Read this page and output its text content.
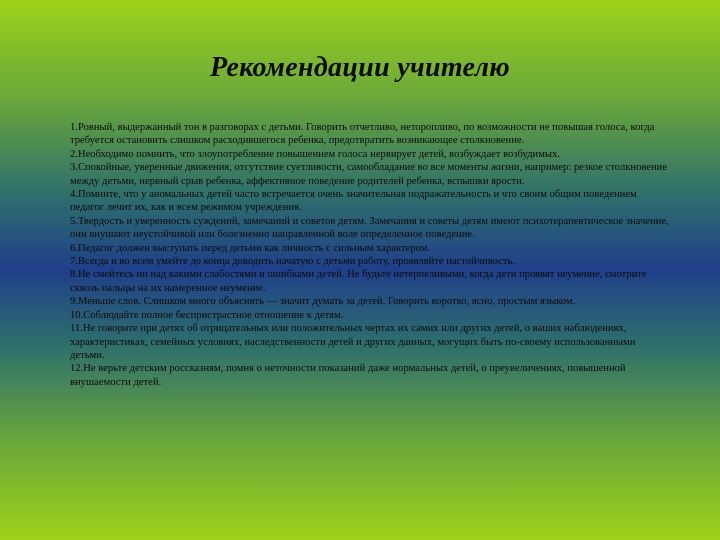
Рекомендации учителю

1.Ровный, выдержанный тон в разговорах с детьми. Говорить отчетливо, неторопливо, по возможности не повышая голоса, когда требуется остановить слишком расходившегося ребенка, предотвратить возникающее столкновение.

2.Необходимо помнить, что злоупотребление повышением голоса нервирует детей, возбуждает возбудимых.

3.Спокойные, уверенные движения, отсутствие суетливости, самообладание во все моменты жизни, например: резкое столкновение между детьми, нервный срыв ребенка, аффективное поведение родителей ребенка, вспышки ярости.

4.Помните, что у аномальных детей часто встречается очень значительная подражательность и что своим общим поведением педагог лечит их, как и всем режимом учреждения.

5.Твердость и уверенность суждений, замечаний и советов детям. Замечания и советы детям имеют психотерапевтическое значение, они внушают неустойчивой или болезненно направленной воле определенное поведение.

6.Педагог должен выступать перед детьми как личность с сильным характером.

7.Всегда и во всем умейте до конца доводить начатую с детьми работу, проявляйте настойчивость.

8.Не смейтесь ни над какими слабостями и ошибками детей. Не будьте нетерпеливыми, когда дети проявят неумение, смотрите сквозь пальцы на их намеренное неумение.

9.Меньше слов. Слишком много объяснять — значит думать за детей. Говорить коротко, ясно, простым языком.

10.Соблюдайте полное беспристрастное отношение к детям.

11.Не говорите при детях об отрицательных или положительных чертах их самих или других детей, о ваших наблюдениях, характеристиках, семейных условиях, наследственности детей и других данных, могущих быть по-своему использованными детьми.

12.Не верьте детским россказням, помня о неточности показаний даже нормальных детей, о преувеличениях, повышенной внушаемости детей.
